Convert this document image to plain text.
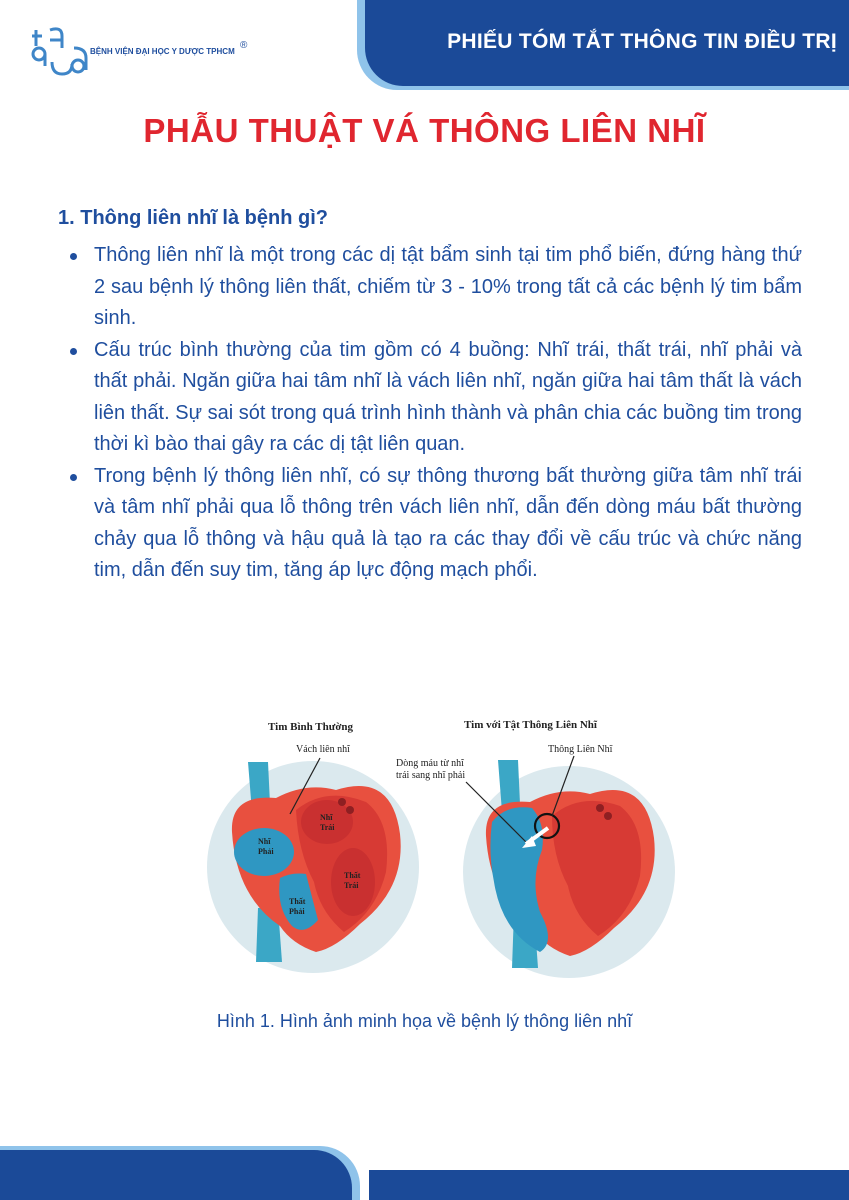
PHIẾU TÓM TẮT THÔNG TIN ĐIỀU TRỊ
BỆNH VIỆN ĐẠI HỌC Y DƯỢC TPHCM
®
PHẪU THUẬT VÁ THÔNG LIÊN NHĨ
1. Thông liên nhĩ là bệnh gì?
Thông liên nhĩ là một trong các dị tật bẩm sinh tại tim phổ biến, đứng hàng thứ 2 sau bệnh lý thông liên thất, chiếm từ 3 - 10% trong tất cả các bệnh lý tim bẩm sinh.
Cấu trúc bình thường của tim gồm có 4 buồng: Nhĩ trái, thất trái, nhĩ phải và thất phải. Ngăn giữa hai tâm nhĩ là vách liên nhĩ, ngăn giữa hai tâm thất là vách liên thất. Sự sai sót trong quá trình hình thành và phân chia các buồng tim trong thời kì bào thai gây ra các dị tật liên quan.
Trong bệnh lý thông liên nhĩ, có sự thông thương bất thường giữa tâm nhĩ trái và tâm nhĩ phải qua lỗ thông trên vách liên nhĩ, dẫn đến dòng máu bất thường chảy qua lỗ thông và hậu quả là tạo ra các thay đổi về cấu trúc và chức năng tim, dẫn đến suy tim, tăng áp lực động mạch phổi.
Tim Bình Thường
Vách liên nhĩ
Nhĩ
Phải
Nhĩ
Trái
Thất
Trái
Thất
Phải
Tim với Tật Thông Liên Nhĩ
Thông Liên Nhĩ
Dòng máu từ nhĩ
trái sang nhĩ phải
Hình 1. Hình ảnh minh họa về bệnh lý thông liên nhĩ
